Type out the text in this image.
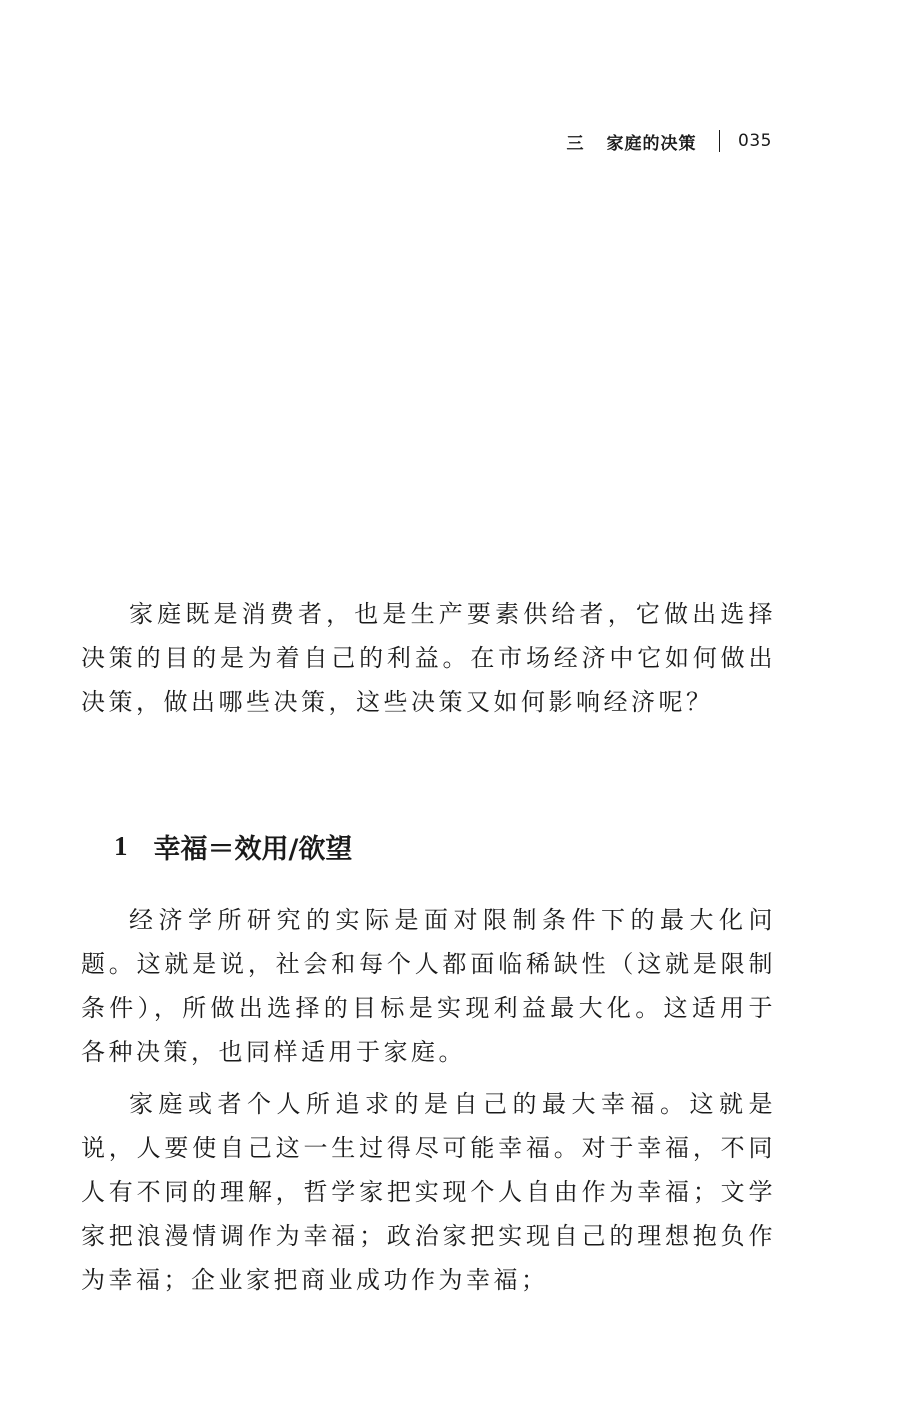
三 家庭的决策 035

家庭既是消费者，也是生产要素供给者，它做出选择决策的目的是为着自己的利益。在市场经济中它如何做出决策，做出哪些决策，这些决策又如何影响经济呢？

1 幸福＝效用/欲望

经济学所研究的实际是面对限制条件下的最大化问题。这就是说，社会和每个人都面临稀缺性（这就是限制条件），所做出选择的目标是实现利益最大化。这适用于各种决策，也同样适用于家庭。

家庭或者个人所追求的是自己的最大幸福。这就是说，人要使自己这一生过得尽可能幸福。对于幸福，不同人有不同的理解，哲学家把实现个人自由作为幸福；文学家把浪漫情调作为幸福；政治家把实现自己的理想抱负作为幸福；企业家把商业成功作为幸福；
